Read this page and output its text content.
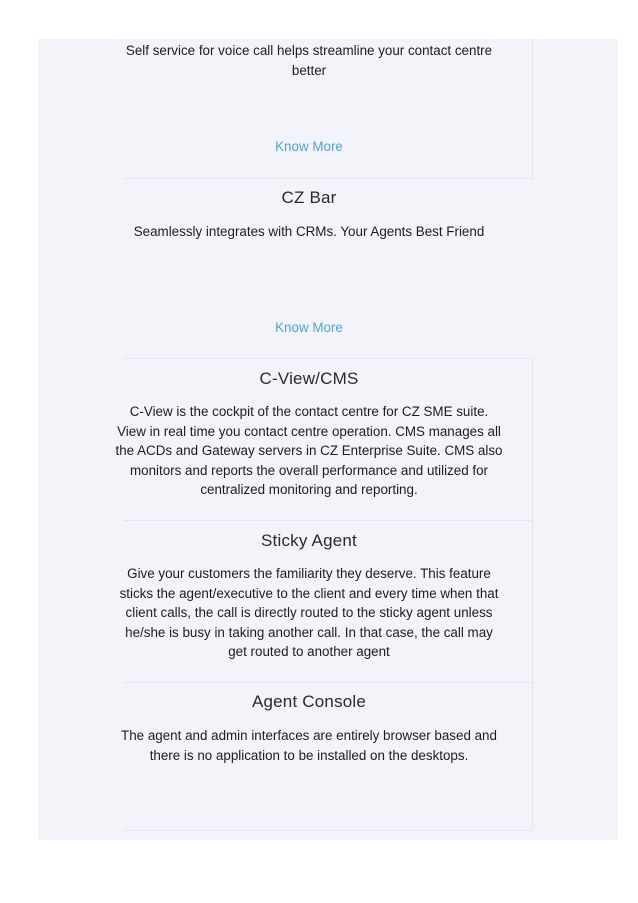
Self service for voice call helps streamline your contact centre
better
Know More
CZ Bar
Seamlessly integrates with CRMs. Your Agents Best Friend
Know More
C-View/CMS
C-View is the cockpit of the contact centre for CZ SME suite.
View in real time you contact centre operation. CMS manages all
the ACDs and Gateway servers in CZ Enterprise Suite. CMS also
monitors and reports the overall performance and utilized for
centralized monitoring and reporting.
Sticky Agent
Give your customers the familiarity they deserve. This feature
sticks the agent/executive to the client and every time when that
client calls, the call is directly routed to the sticky agent unless
he/she is busy in taking another call. In that case, the call may
get routed to another agent
Agent Console
The agent and admin interfaces are entirely browser based and
there is no application to be installed on the desktops.
